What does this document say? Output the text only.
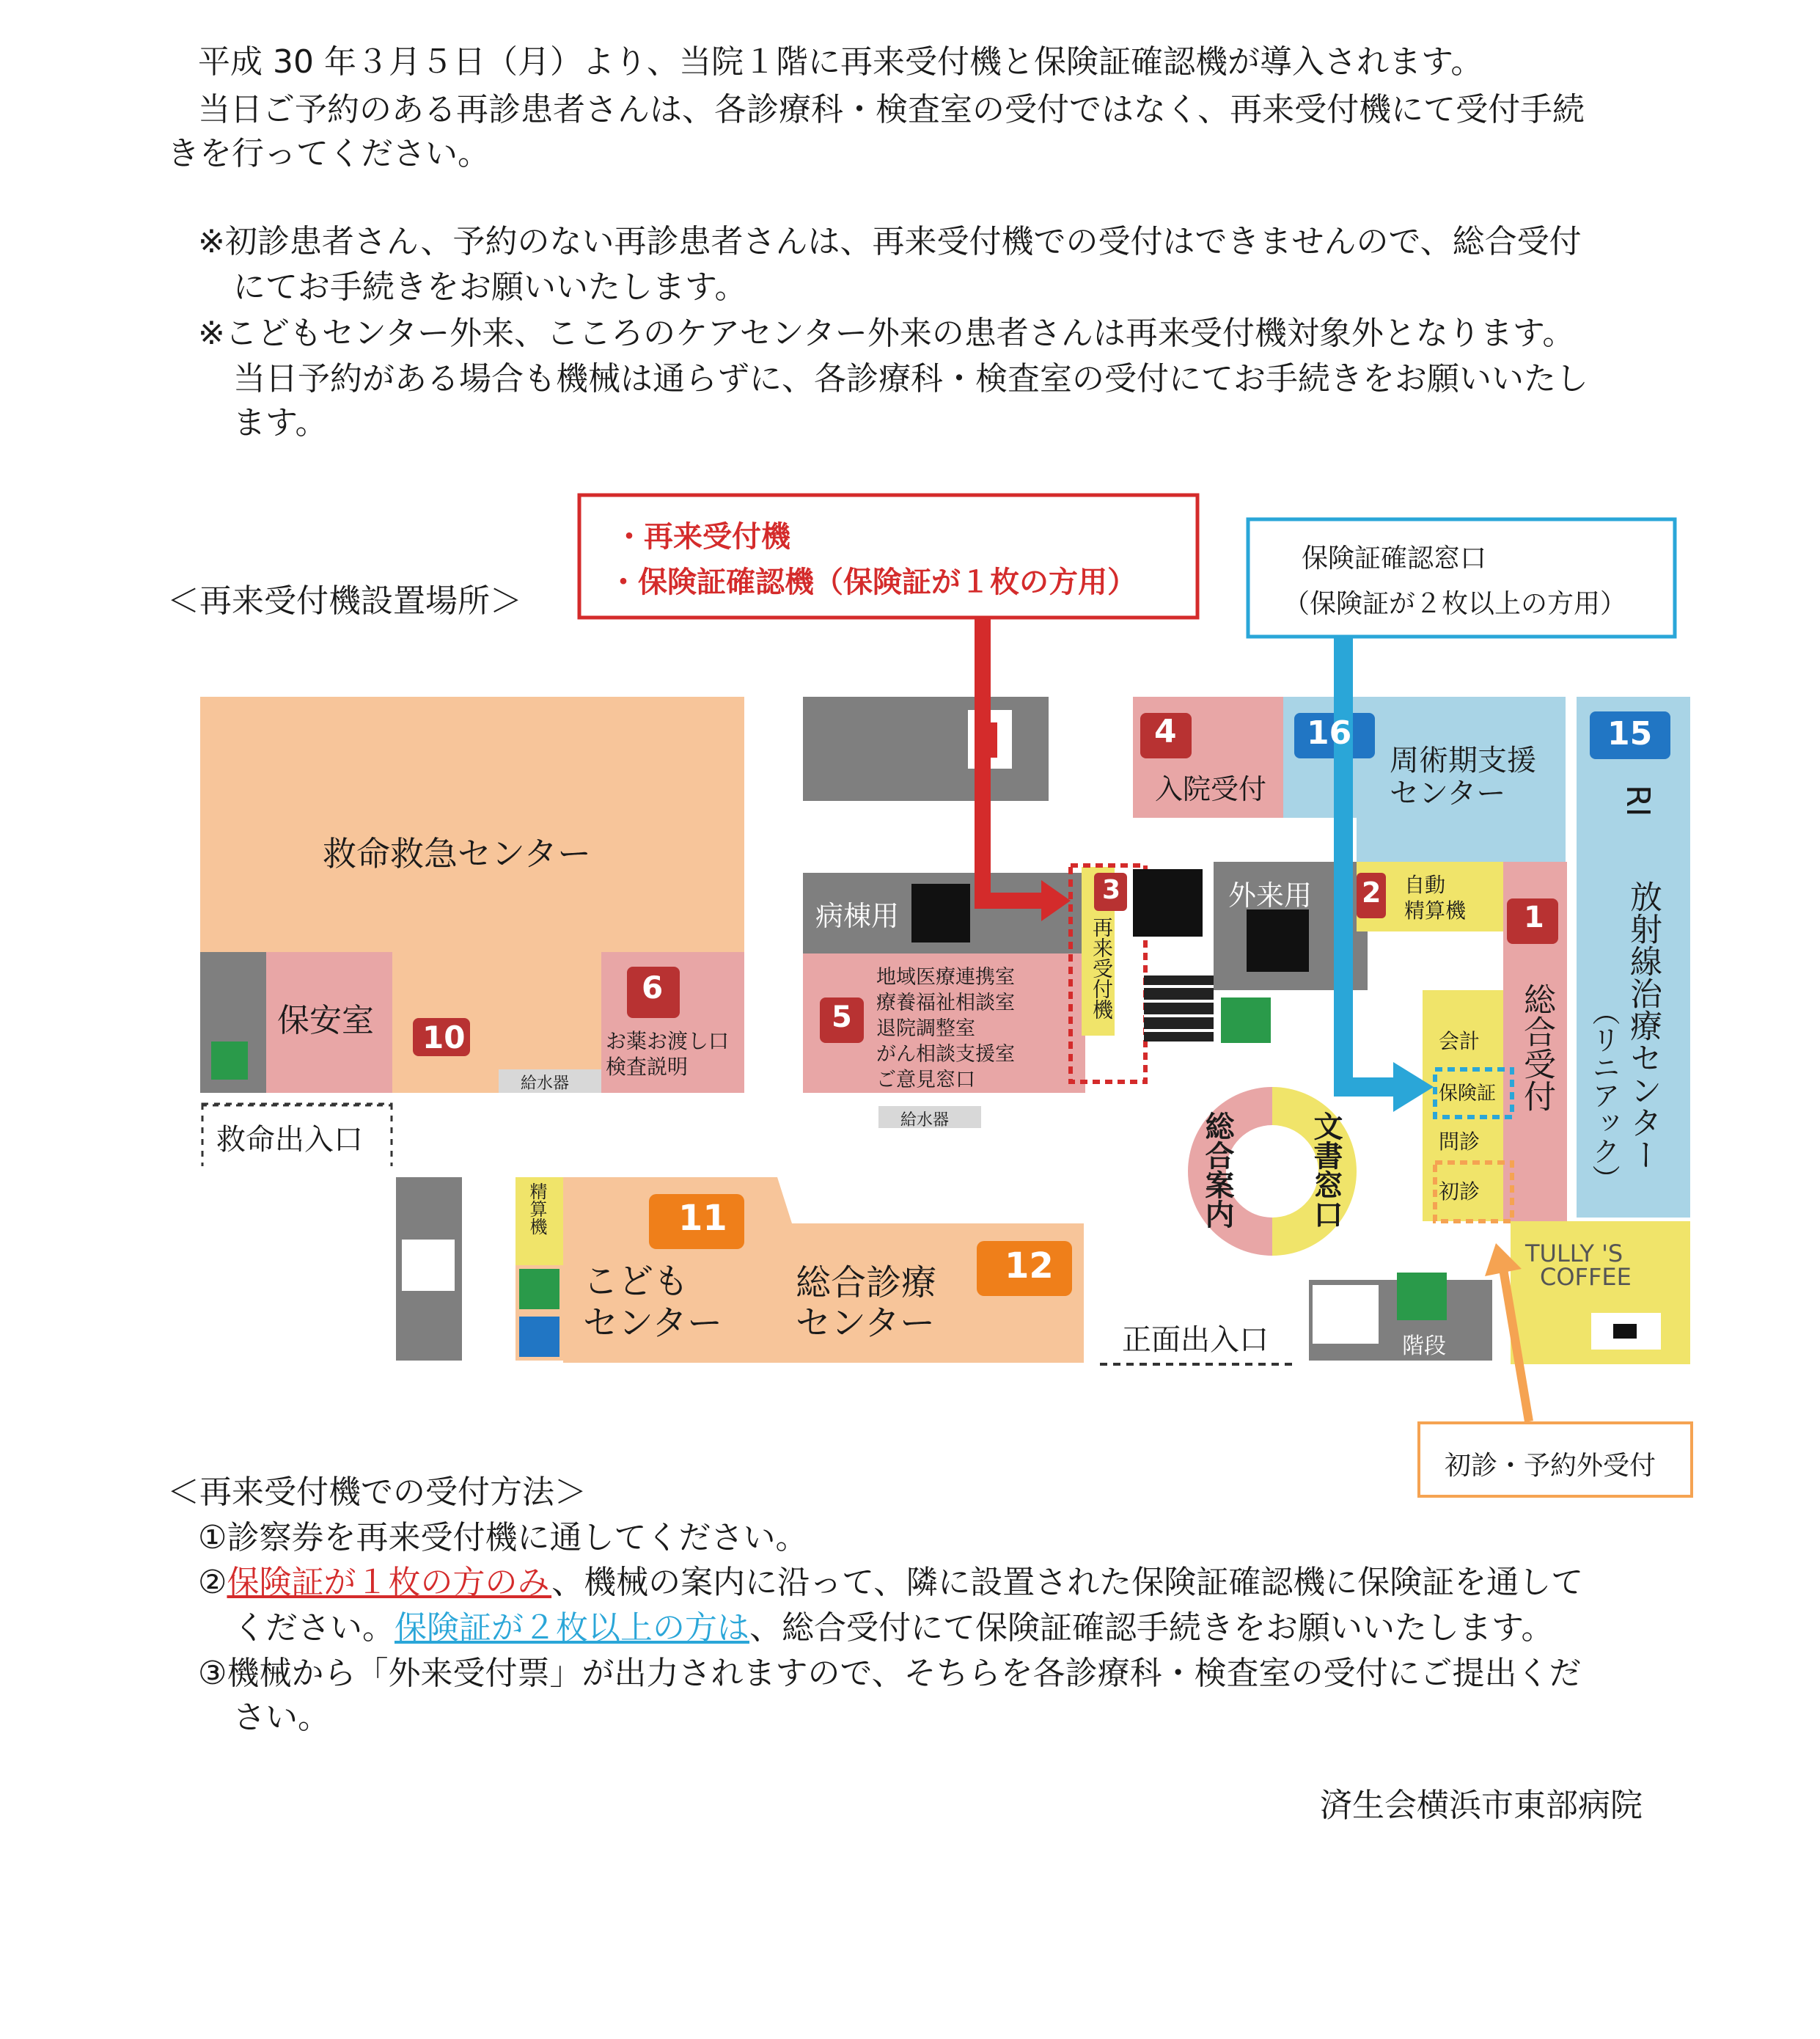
平成 30 年３月５日（月）より、当院１階に再来受付機と保険証確認機が導入されます。
当日ご予約のある再診患者さんは、各診療科・検査室の受付ではなく、再来受付機にて受付手続
きを行ってください。
※初診患者さん、予約のない再診患者さんは、再来受付機での受付はできませんので、総合受付
にてお手続きをお願いいたします。
※こどもセンター外来、こころのケアセンター外来の患者さんは再来受付機対象外となります。
当日予約がある場合も機械は通らずに、各診療科・検査室の受付にてお手続きをお願いいたし
ます。
＜再来受付機設置場所＞
・再来受付機
・保険証確認機（保険証が１枚の方用）
保険証確認窓口
（保険証が２枚以上の方用）
初診・予約外受付
救命救急センター
保安室 10
6
お薬お渡し口
検査説明
給水器
給水器
救命出入口
病棟用
5
地域医療連携室
療養福祉相談室
退院調整室
がん相談支援室
ご意見窓口
3
再来受付機
4
入院受付
16
周術期支援
センター
15
RI
放射線治療センター
（リニアック）
外来用 2 自動
精算機 1
総合受付
会計
保険証
問診
初診
総合案内	文書窓口
TULLY 'S
COFFEE
正面出入口	階段
11
こども
センター
12
総合診療
センター
精算機
＜再来受付機での受付方法＞
①診察券を再来受付機に通してください。
②保険証が１枚の方のみ、機械の案内に沿って、隣に設置された保険証確認機に保険証を通して
ください。保険証が２枚以上の方は、総合受付にて保険証確認手続きをお願いいたします。
③機械から「外来受付票」が出力されますので、そちらを各診療科・検査室の受付にご提出くだ
さい。
済生会横浜市東部病院
